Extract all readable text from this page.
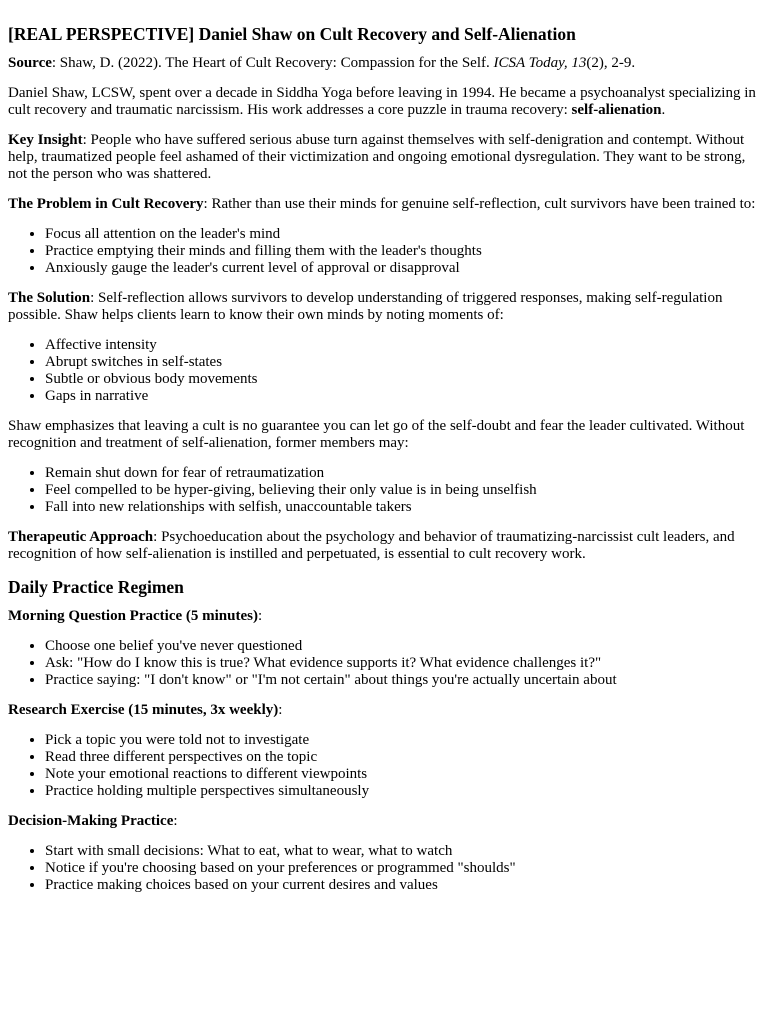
[REAL PERSPECTIVE] Daniel Shaw on Cult Recovery and Self-Alienation

Source: Shaw, D. (2022). The Heart of Cult Recovery: Compassion for the Self. ICSA Today, 13(2), 2-9.

Daniel Shaw, LCSW, spent over a decade in Siddha Yoga before leaving in 1994. He became a psychoanalyst specializing in cult recovery and traumatic narcissism. His work addresses a core puzzle in trauma recovery: self-alienation.

Key Insight: People who have suffered serious abuse turn against themselves with self-denigration and contempt. Without help, traumatized people feel ashamed of their victimization and ongoing emotional dysregulation. They want to be strong, not the person who was shattered.

The Problem in Cult Recovery: Rather than use their minds for genuine self-reflection, cult survivors have been trained to:

• Focus all attention on the leader's mind
• Practice emptying their minds and filling them with the leader's thoughts
• Anxiously gauge the leader's current level of approval or disapproval

The Solution: Self-reflection allows survivors to develop understanding of triggered responses, making self-regulation possible. Shaw helps clients learn to know their own minds by noting moments of:

• Affective intensity
• Abrupt switches in self-states
• Subtle or obvious body movements
• Gaps in narrative

Shaw emphasizes that leaving a cult is no guarantee you can let go of the self-doubt and fear the leader cultivated. Without recognition and treatment of self-alienation, former members may:

• Remain shut down for fear of retraumatization
• Feel compelled to be hyper-giving, believing their only value is in being unselfish
• Fall into new relationships with selfish, unaccountable takers

Therapeutic Approach: Psychoeducation about the psychology and behavior of traumatizing-narcissist cult leaders, and recognition of how self-alienation is instilled and perpetuated, is essential to cult recovery work.

Daily Practice Regimen

Morning Question Practice (5 minutes):

• Choose one belief you've never questioned
• Ask: "How do I know this is true? What evidence supports it? What evidence challenges it?"
• Practice saying: "I don't know" or "I'm not certain" about things you're actually uncertain about

Research Exercise (15 minutes, 3x weekly):

• Pick a topic you were told not to investigate
• Read three different perspectives on the topic
• Note your emotional reactions to different viewpoints
• Practice holding multiple perspectives simultaneously

Decision-Making Practice:

• Start with small decisions: What to eat, what to wear, what to watch
• Notice if you're choosing based on your preferences or programmed "shoulds"
• Practice making choices based on your current desires and values
